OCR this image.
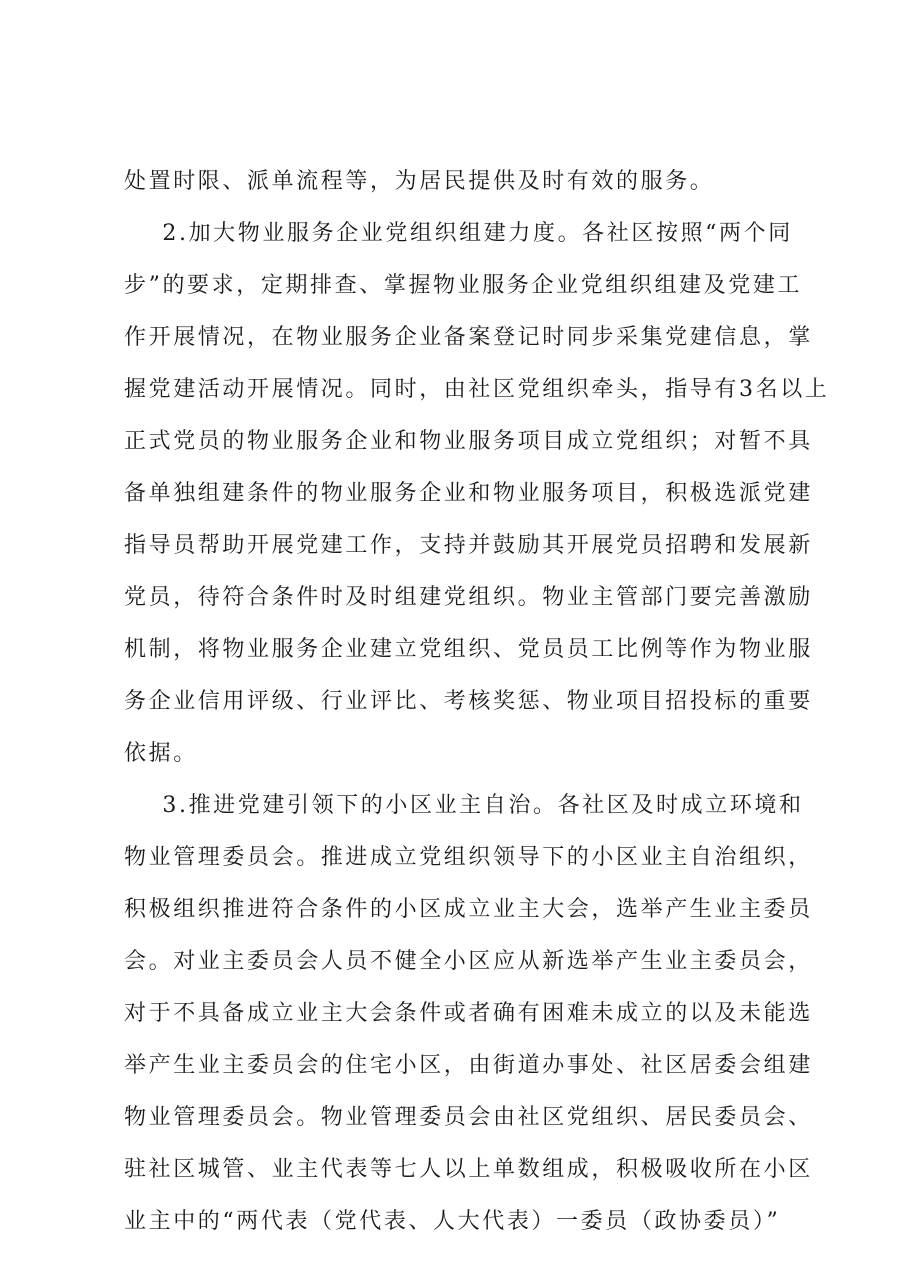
处置时限、派单流程等，为居民提供及时有效的服务。
2.加大物业服务企业党组织组建力度。各社区按照“两个同
步”的要求，定期排查、掌握物业服务企业党组织组建及党建工
作开展情况，在物业服务企业备案登记时同步采集党建信息，掌
握党建活动开展情况。同时，由社区党组织牵头，指导有3名以上
正式党员的物业服务企业和物业服务项目成立党组织；对暂不具
备单独组建条件的物业服务企业和物业服务项目，积极选派党建
指导员帮助开展党建工作，支持并鼓励其开展党员招聘和发展新
党员，待符合条件时及时组建党组织。物业主管部门要完善激励
机制，将物业服务企业建立党组织、党员员工比例等作为物业服
务企业信用评级、行业评比、考核奖惩、物业项目招投标的重要
依据。
3.推进党建引领下的小区业主自治。各社区及时成立环境和
物业管理委员会。推进成立党组织领导下的小区业主自治组织，
积极组织推进符合条件的小区成立业主大会，选举产生业主委员
会。对业主委员会人员不健全小区应从新选举产生业主委员会，
对于不具备成立业主大会条件或者确有困难未成立的以及未能选
举产生业主委员会的住宅小区，由街道办事处、社区居委会组建
物业管理委员会。物业管理委员会由社区党组织、居民委员会、
驻社区城管、业主代表等七人以上单数组成，积极吸收所在小区
业主中的“两代表（党代表、人大代表）一委员（政协委员）”
